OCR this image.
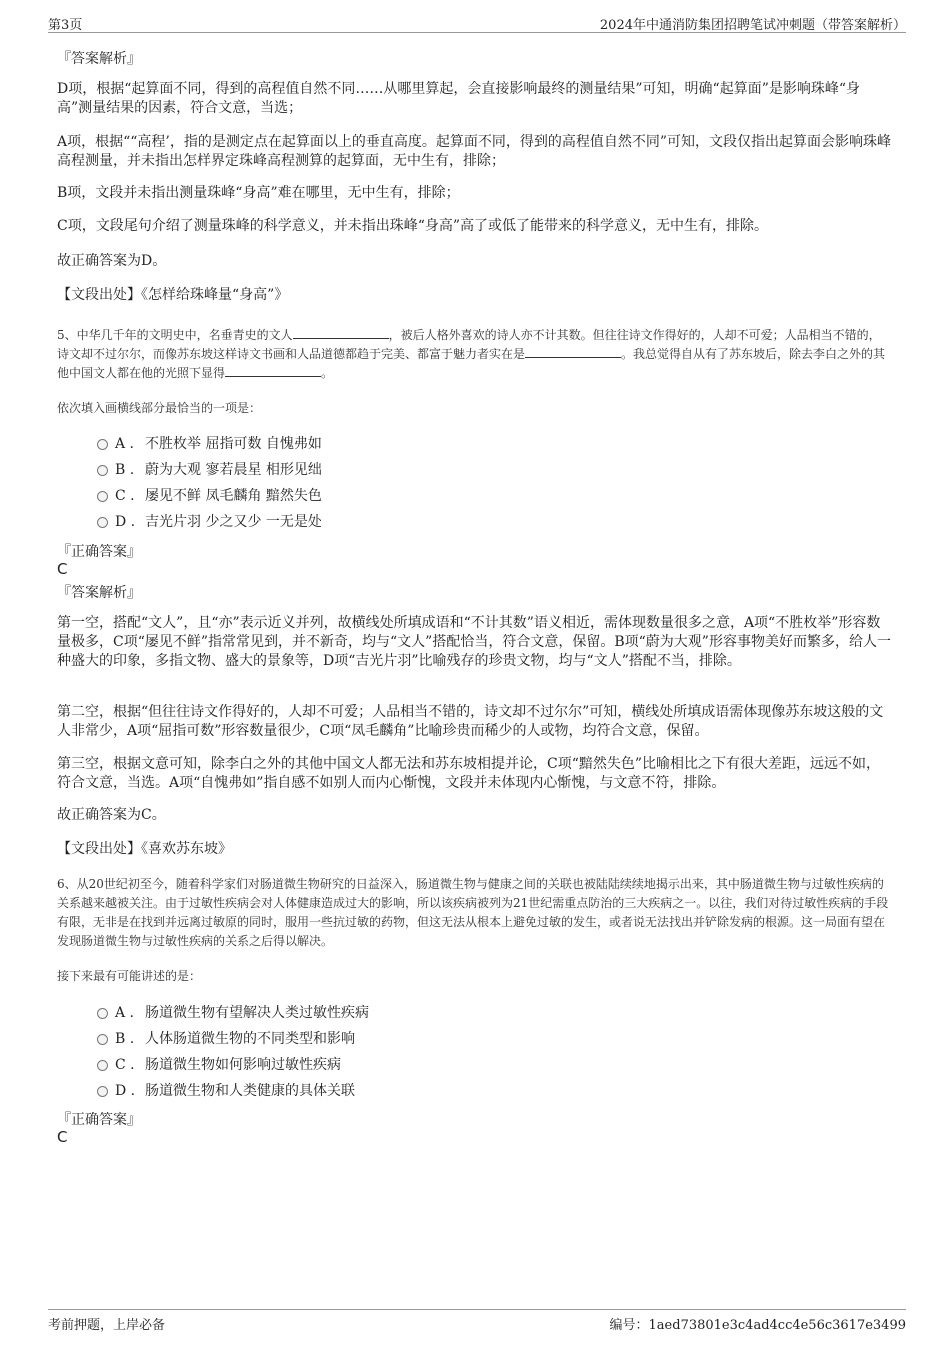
第3页	2024年中通消防集团招聘笔试冲刺题（带答案解析）
『答案解析』
D项，根据“起算面不同，得到的高程值自然不同……从哪里算起，会直接影响最终的测量结果”可知，明确“起算面”是影响珠峰“身高”测量结果的因素，符合文意，当选；
A项，根据““高程’，指的是测定点在起算面以上的垂直高度。起算面不同，得到的高程值自然不同”可知，文段仅指出起算面会影响珠峰高程测量，并未指出怎样界定珠峰高程测算的起算面，无中生有，排除；
B项，文段并未指出测量珠峰“身高”难在哪里，无中生有，排除；
C项，文段尾句介绍了测量珠峰的科学意义，并未指出珠峰“身高”高了或低了能带来的科学意义，无中生有，排除。
故正确答案为D。
【文段出处】《怎样给珠峰量“身高”》
5、中华几千年的文明史中，名垂青史的文人	，被后人格外喜欢的诗人亦不计其数。但往往诗文作得好的，人却不可爱；人品相当不错的，诗文却不过尔尔，而像苏东坡这样诗文书画和人品道德都趋于完美、都富于魅力者实在是	。我总觉得自从有了苏东坡后，除去李白之外的其他中国文人都在他的光照下显得	。
依次填入画横线部分最恰当的一项是：
A . 不胜枚举 屈指可数 自愧弗如
B . 蔚为大观 寥若晨星 相形见绌
C . 屡见不鲜 凤毛麟角 黯然失色
D . 吉光片羽 少之又少 一无是处
『正确答案』
C
『答案解析』
第一空，搭配“文人”，且“亦”表示近义并列，故横线处所填成语和“不计其数”语义相近，需体现数量很多之意，A项“不胜枚举”形容数量极多，C项“屡见不鲜”指常常见到，并不新奇，均与“文人”搭配恰当，符合文意，保留。B项“蔚为大观”形容事物美好而繁多，给人一种盛大的印象，多指文物、盛大的景象等，D项“吉光片羽”比喻残存的珍贵文物，均与“文人”搭配不当，排除。
第二空，根据“但往往诗文作得好的，人却不可爱；人品相当不错的，诗文却不过尔尔”可知，横线处所填成语需体现像苏东坡这般的文人非常少，A项“屈指可数”形容数量很少，C项“凤毛麟角”比喻珍贵而稀少的人或物，均符合文意，保留。
第三空，根据文意可知，除李白之外的其他中国文人都无法和苏东坡相提并论，C项“黯然失色”比喻相比之下有很大差距，远远不如，符合文意，当选。A项“自愧弗如”指自感不如别人而内心惭愧，文段并未体现内心惭愧，与文意不符，排除。
故正确答案为C。
【文段出处】《喜欢苏东坡》
6、从20世纪初至今，随着科学家们对肠道微生物研究的日益深入，肠道微生物与健康之间的关联也被陆陆续续地揭示出来，其中肠道微生物与过敏性疾病的关系越来越被关注。由于过敏性疾病会对人体健康造成过大的影响，所以该疾病被列为21世纪需重点防治的三大疾病之一。以往，我们对待过敏性疾病的手段有限，无非是在找到并远离过敏原的同时，服用一些抗过敏的药物，但这无法从根本上避免过敏的发生，或者说无法找出并铲除发病的根源。这一局面有望在发现肠道微生物与过敏性疾病的关系之后得以解决。
接下来最有可能讲述的是：
A . 肠道微生物有望解决人类过敏性疾病
B . 人体肠道微生物的不同类型和影响
C . 肠道微生物如何影响过敏性疾病
D . 肠道微生物和人类健康的具体关联
『正确答案』
C
考前押题，上岸必备	编号：1aed73801e3c4ad4cc4e56c3617e3499
